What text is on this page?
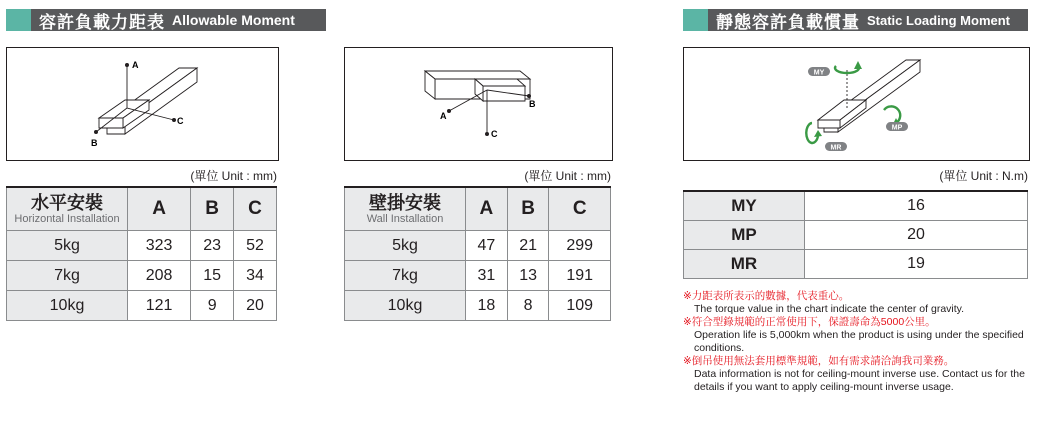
容許負載力距表 Allowable Moment	靜態容許負載慣量 Static Loading Moment
A
C
B
(單位 Unit : mm)
C
A
B
(單位 Unit : mm)
MY
MP
MR
(單位 Unit : N.m)
水平安裝
Horizontal Installation	A	B	C
5kg	323	23	52
7kg	208	15	34
10kg	121	9	20
壁掛安裝
Wall Installation	A	B	C
5kg	47	21	299
7kg	31	13	191
10kg	18	8	109
MY	16
MP	20
MR	19
※力距表所表示的數據，代表重心。
The torque value in the chart indicate the center of gravity.
※符合型錄規範的正常使用下，保證壽命為5000公里。
Operation life is 5,000km when the product is using under the specified conditions.
※倒吊使用無法套用標準規範，如有需求請洽詢我司業務。
Data information is not for ceiling-mount inverse use. Contact us for the details if you want to apply ceiling-mount inverse usage.
